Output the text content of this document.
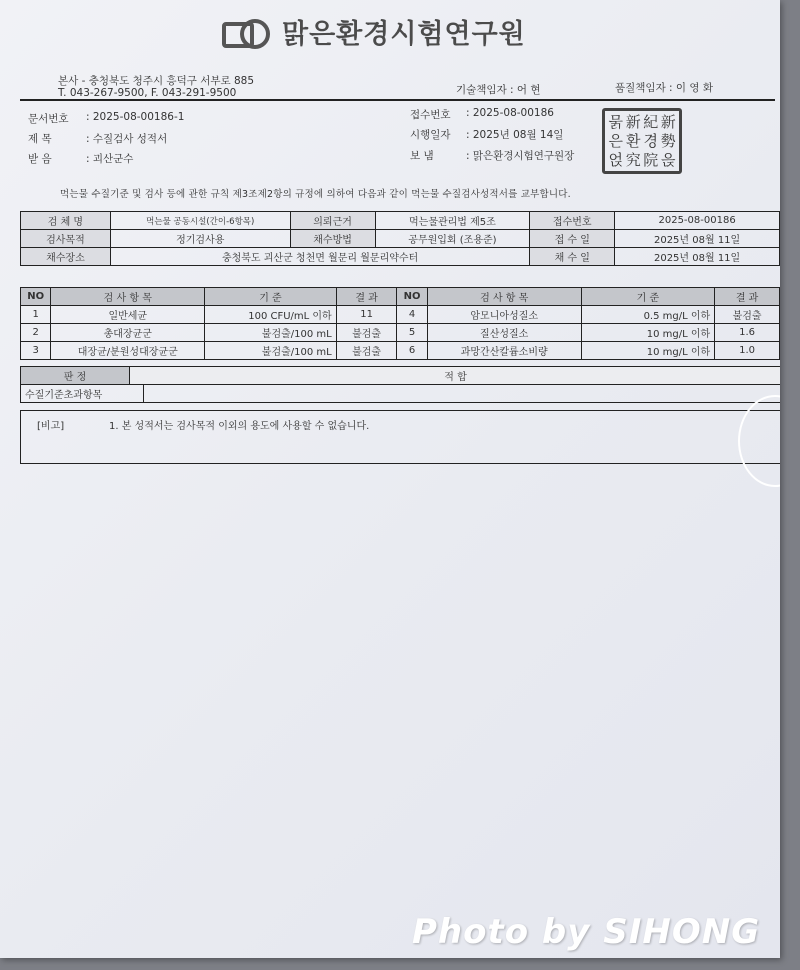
맑은환경시험연구원
본사 - 충청북도 청주시 흥덕구 서부로 885
T. 043-267-9500, F. 043-291-9500	기술책임자 : 어 현	품질책임자 : 이 영 화
문서번호 : 2025-08-00186-1
제 목	: 수질검사 성적서
받 음	: 괴산군수
접수번호 : 2025-08-00186
시행일자 : 2025년 08월 14일
보 냄	: 맑은환경시험연구원장
묽 新 紀 新
은 환 경 勢
얹 究 院 읁
먹는물 수질기준 및 검사 등에 관한 규칙 제3조제2항의 규정에 의하여 다음과 같이 먹는물 수질검사성적서를 교부합니다.
검 체 명	먹는물 공동시설(간이-6항목)	의뢰근거	먹는물관리법 제5조	접수번호	2025-08-00186
검사목적	정기검사용	채수방법	공무원입회 (조용준)	접 수 일	2025년 08월 11일
채수장소	충청북도 괴산군 청천면 월문리 월문리약수터			채 수 일	2025년 08월 11일
NO	검 사 항 목	기 준	결 과	NO	검 사 항 목	기 준	결 과
1	일반세균	100 CFU/mL 이하	11	4	암모니아성질소	0.5 mg/L 이하	불검출
2	총대장균군	불검출/100 mL	불검출	5	질산성질소	10 mg/L 이하	1.6
3	대장균/분원성대장균군	불검출/100 mL	불검출	6	과망간산칼륨소비량	10 mg/L 이하	1.0
판 정	적 합
수질기준초과항목
[비고]	1. 본 성적서는 검사목적 이외의 용도에 사용할 수 없습니다.
Photo by SIHONG
